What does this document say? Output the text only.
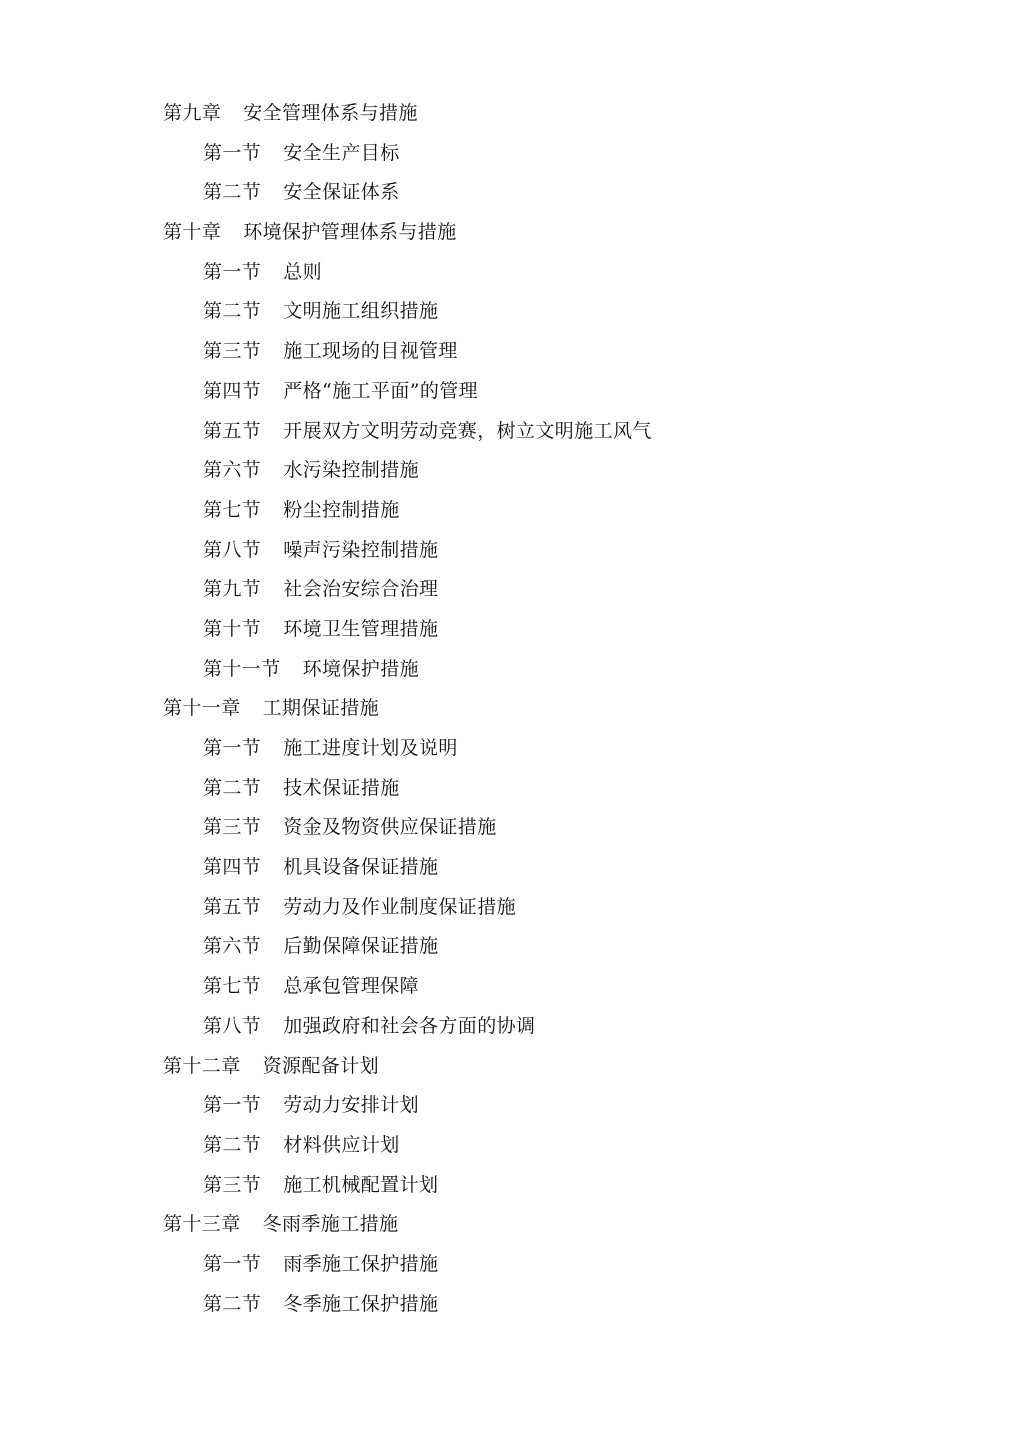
第九章 安全管理体系与措施
第一节 安全生产目标
第二节 安全保证体系
第十章 环境保护管理体系与措施
第一节 总则
第二节 文明施工组织措施
第三节 施工现场的目视管理
第四节 严格“施工平面”的管理
第五节 开展双方文明劳动竞赛，树立文明施工风气
第六节 水污染控制措施
第七节 粉尘控制措施
第八节 噪声污染控制措施
第九节 社会治安综合治理
第十节 环境卫生管理措施
第十一节 环境保护措施
第十一章 工期保证措施
第一节 施工进度计划及说明
第二节 技术保证措施
第三节 资金及物资供应保证措施
第四节 机具设备保证措施
第五节 劳动力及作业制度保证措施
第六节 后勤保障保证措施
第七节 总承包管理保障
第八节 加强政府和社会各方面的协调
第十二章 资源配备计划
第一节 劳动力安排计划
第二节 材料供应计划
第三节 施工机械配置计划
第十三章 冬雨季施工措施
第一节 雨季施工保护措施
第二节 冬季施工保护措施
